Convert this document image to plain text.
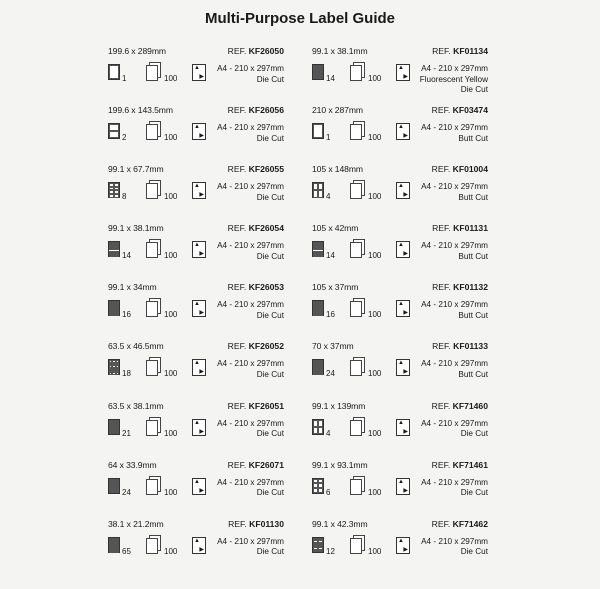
Multi-Purpose Label Guide
199.6 x 289mm	REF. KF26050
1	100
▲
▶
A4 - 210 x 297mm
Die Cut
199.6 x 143.5mm	REF. KF26056
2	100
▲
▶
A4 - 210 x 297mm
Die Cut
99.1 x 67.7mm	REF. KF26055
8	100
▲
▶
A4 - 210 x 297mm
Die Cut
99.1 x 38.1mm	REF. KF26054
14	100
▲
▶
A4 - 210 x 297mm
Die Cut
99.1 x 34mm	REF. KF26053
16	100
▲
▶
A4 - 210 x 297mm
Die Cut
63.5 x 46.5mm	REF. KF26052
18	100
▲
▶
A4 - 210 x 297mm
Die Cut
63.5 x 38.1mm	REF. KF26051
21	100
▲
▶
A4 - 210 x 297mm
Die Cut
64 x 33.9mm	REF. KF26071
24	100
▲
▶
A4 - 210 x 297mm
Die Cut
38.1 x 21.2mm	REF. KF01130
65	100
▲
▶
A4 - 210 x 297mm
Die Cut
99.1 x 38.1mm	REF. KF01134
14	100
▲
▶
A4 - 210 x 297mm
Fluorescent Yellow
Die Cut
210 x 287mm	REF. KF03474
1	100
▲
▶
A4 - 210 x 297mm
Butt Cut
105 x 148mm	REF. KF01004
4	100
▲
▶
A4 - 210 x 297mm
Butt Cut
105 x 42mm	REF. KF01131
14	100
▲
▶
A4 - 210 x 297mm
Butt Cut
105 x 37mm	REF. KF01132
16	100
▲
▶
A4 - 210 x 297mm
Butt Cut
70 x 37mm	REF. KF01133
24	100
▲
▶
A4 - 210 x 297mm
Butt Cut
99.1 x 139mm	REF. KF71460
4	100
▲
▶
A4 - 210 x 297mm
Die Cut
99.1 x 93.1mm	REF. KF71461
6	100
▲
▶
A4 - 210 x 297mm
Die Cut
99.1 x 42.3mm	REF. KF71462
12	100
▲
▶
A4 - 210 x 297mm
Die Cut
